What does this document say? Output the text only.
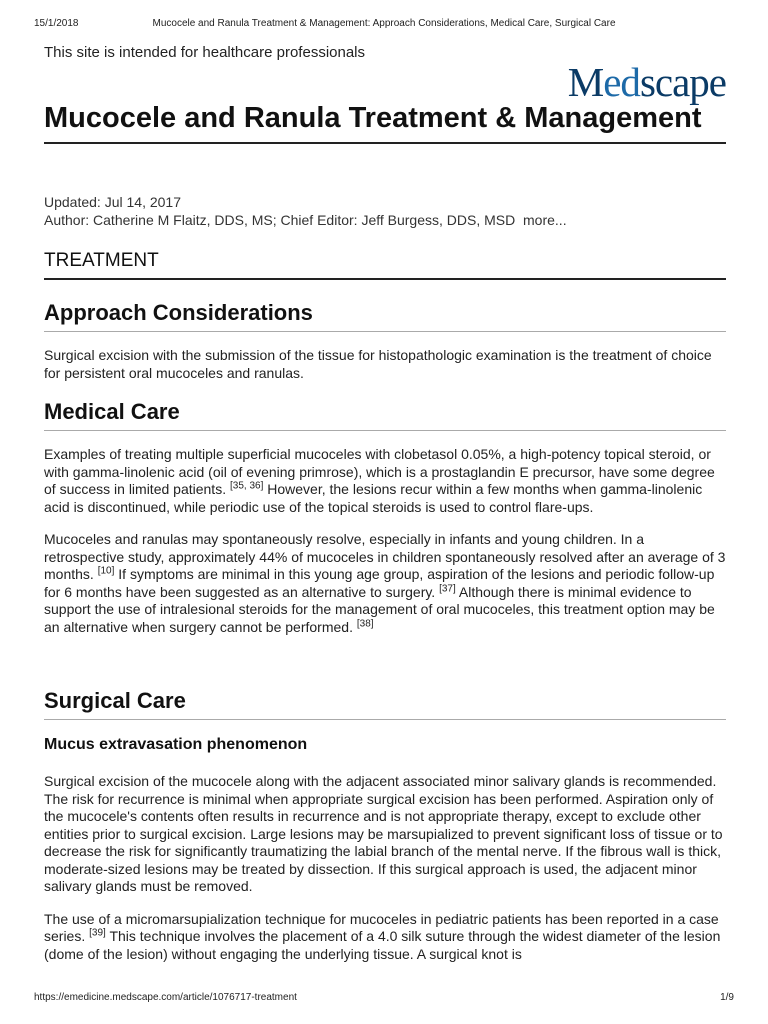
15/1/2018	Mucocele and Ranula Treatment & Management: Approach Considerations, Medical Care, Surgical Care
This site is intended for healthcare professionals
Medscape
Mucocele and Ranula Treatment & Management
Updated: Jul 14, 2017
Author: Catherine M Flaitz, DDS, MS; Chief Editor: Jeff Burgess, DDS, MSD more...
TREATMENT
Approach Considerations

Surgical excision with the submission of the tissue for histopathologic examination is the treatment of choice for persistent oral mucoceles and ranulas.

Medical Care

Examples of treating multiple superficial mucoceles with clobetasol 0.05%, a high-potency topical steroid, or with gamma-linolenic acid (oil of evening primrose), which is a prostaglandin E precursor, have some degree of success in limited patients. [35, 36] However, the lesions recur within a few months when gamma-linolenic acid is discontinued, while periodic use of the topical steroids is used to control flare-ups.

Mucoceles and ranulas may spontaneously resolve, especially in infants and young children. In a retrospective study, approximately 44% of mucoceles in children spontaneously resolved after an average of 3 months. [10] If symptoms are minimal in this young age group, aspiration of the lesions and periodic follow-up for 6 months have been suggested as an alternative to surgery. [37] Although there is minimal evidence to support the use of intralesional steroids for the management of oral mucoceles, this treatment option may be an alternative when surgery cannot be performed. [38]

Surgical Care
Mucus extravasation phenomenon

Surgical excision of the mucocele along with the adjacent associated minor salivary glands is recommended. The risk for recurrence is minimal when appropriate surgical excision has been performed. Aspiration only of the mucocele's contents often results in recurrence and is not appropriate therapy, except to exclude other entities prior to surgical excision. Large lesions may be marsupialized to prevent significant loss of tissue or to decrease the risk for significantly traumatizing the labial branch of the mental nerve. If the fibrous wall is thick, moderate-sized lesions may be treated by dissection. If this surgical approach is used, the adjacent minor salivary glands must be removed.

The use of a micromarsupialization technique for mucoceles in pediatric patients has been reported in a case series. [39] This technique involves the placement of a 4.0 silk suture through the widest diameter of the lesion (dome of the lesion) without engaging the underlying tissue. A surgical knot is

https://emedicine.medscape.com/article/1076717-treatment	1/9
